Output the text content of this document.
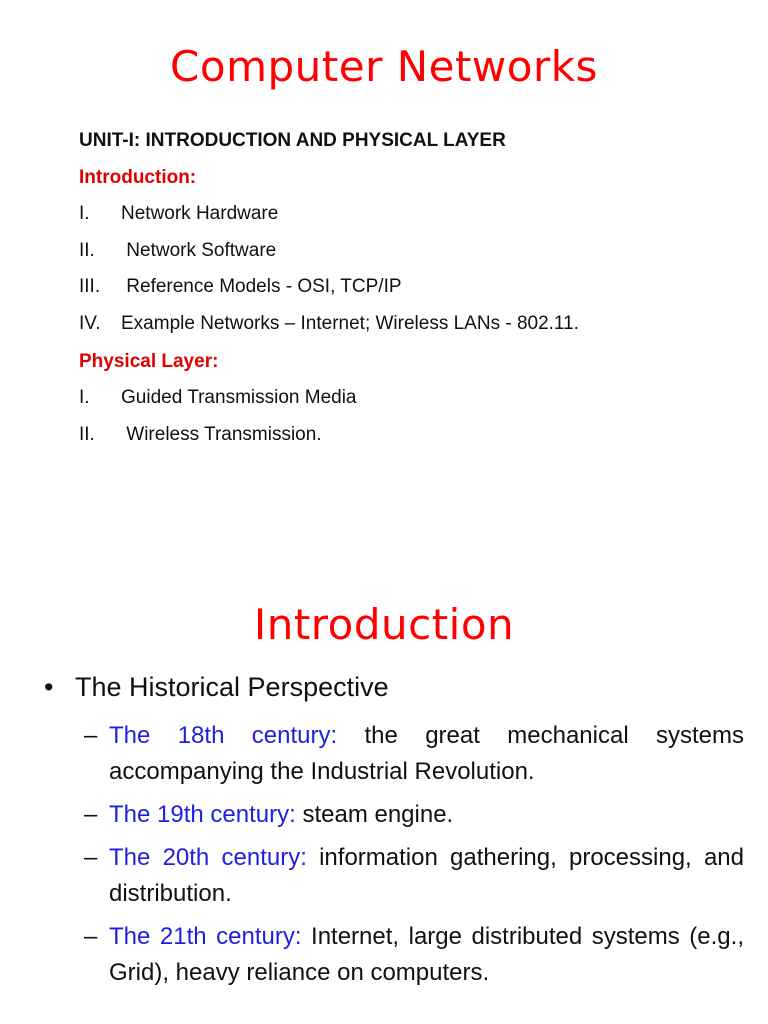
Computer Networks
UNIT-I: INTRODUCTION AND PHYSICAL LAYER
Introduction:
I. Network Hardware
II. Network Software
III. Reference Models - OSI, TCP/IP
IV. Example Networks – Internet; Wireless LANs - 802.11.
Physical Layer:
I. Guided Transmission Media
II. Wireless Transmission.
Introduction
• The Historical Perspective
– The 18th century: the great mechanical systems accompanying the Industrial Revolution.
– The 19th century: steam engine.
– The 20th century: information gathering, processing, and distribution.
– The 21th century: Internet, large distributed systems (e.g., Grid), heavy reliance on computers.
